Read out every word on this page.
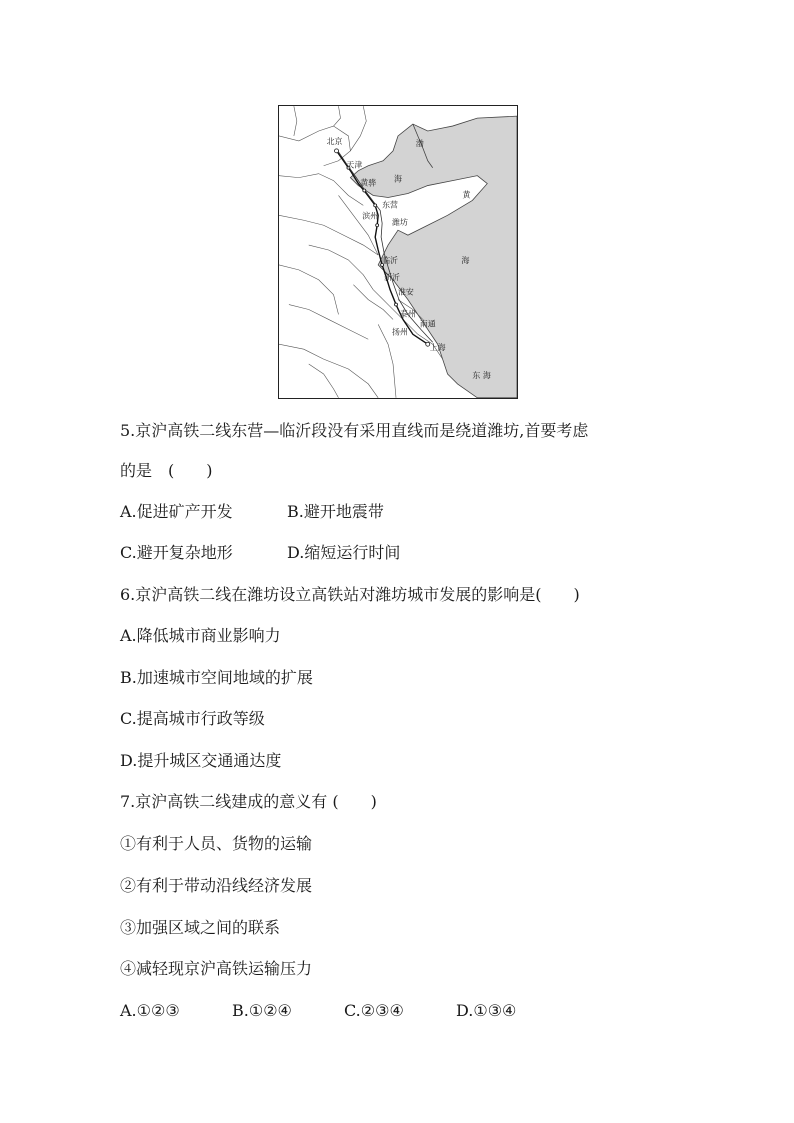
北京
天津
黄骅
东营
滨州
潍坊
临沂
新沂
淮安
泰州
南通
扬州
上海
渤
海
黄
海
东 海
5.京沪高铁二线东营—临沂段没有采用直线而是绕道潍坊,首要考虑
的是　(　　)
A.促进矿产开发	B.避开地震带
C.避开复杂地形	D.缩短运行时间
6.京沪高铁二线在潍坊设立高铁站对潍坊城市发展的影响是(　　)
A.降低城市商业影响力
B.加速城市空间地域的扩展
C.提高城市行政等级
D.提升城区交通通达度
7.京沪高铁二线建成的意义有 (　　)
①有利于人员、货物的运输
②有利于带动沿线经济发展
③加强区域之间的联系
④减轻现京沪高铁运输压力
A.①②③	B.①②④	C.②③④	D.①③④
